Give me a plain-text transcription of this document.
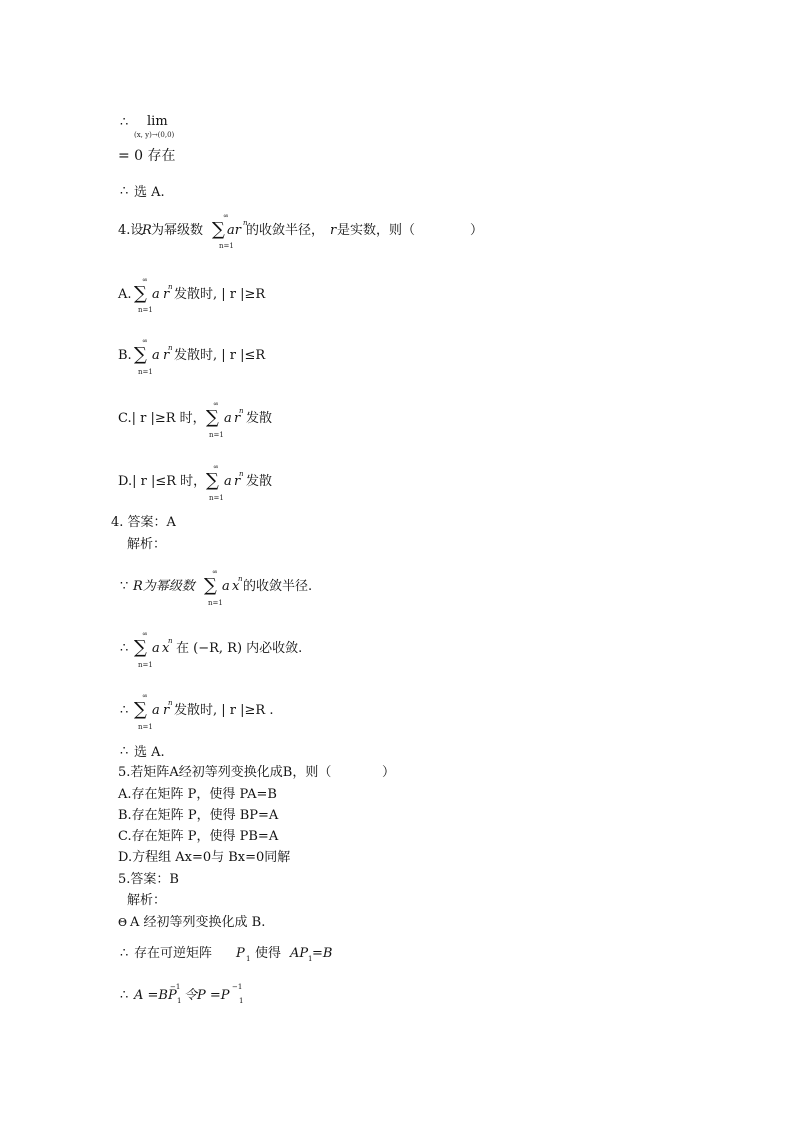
∴ lim
(x, y)→(0,0)
= 0 存在
∴ 选 A.
4.设
R 为幂级数
∞
∑
n=1
ar n
的收敛半径， r 是实数，则（	）
A.
∞
∑
n=1
a r
n 发散时, | r |≥R
B.
∞
∑
n=1
a r
n 发散时, | r |≤R
C.| r |≥R 时，
∞
∑
n=1
a r
n 发散
D.| r |≤R 时，
∞
∑
n=1
a r
n 发散
4. 答案：A
解析：
∵ R为幂级数
∞
∑
n=1
a x
n 的收敛半径.
∴
∞
∑
n=1
a x
n 在 (−R, R) 内必收敛.
∴
∞
∑
n=1
a r
n 发散时, | r |≥R .
∴ 选 A.
5.若矩阵A经初等列变换化成B，则（	）
A.存在矩阵 P，使得 PA=B
B.存在矩阵 P，使得 BP=A
C.存在矩阵 P，使得 PB=A
D.方程组 Ax=0与 Bx=0同解
5.答案：B
解析：
Θ A 经初等列变换化成 B.
∴ 存在可逆矩阵 P 1 使得 AP 1 =B
∴ A =BP
−1
1 令P =P
−1
1
